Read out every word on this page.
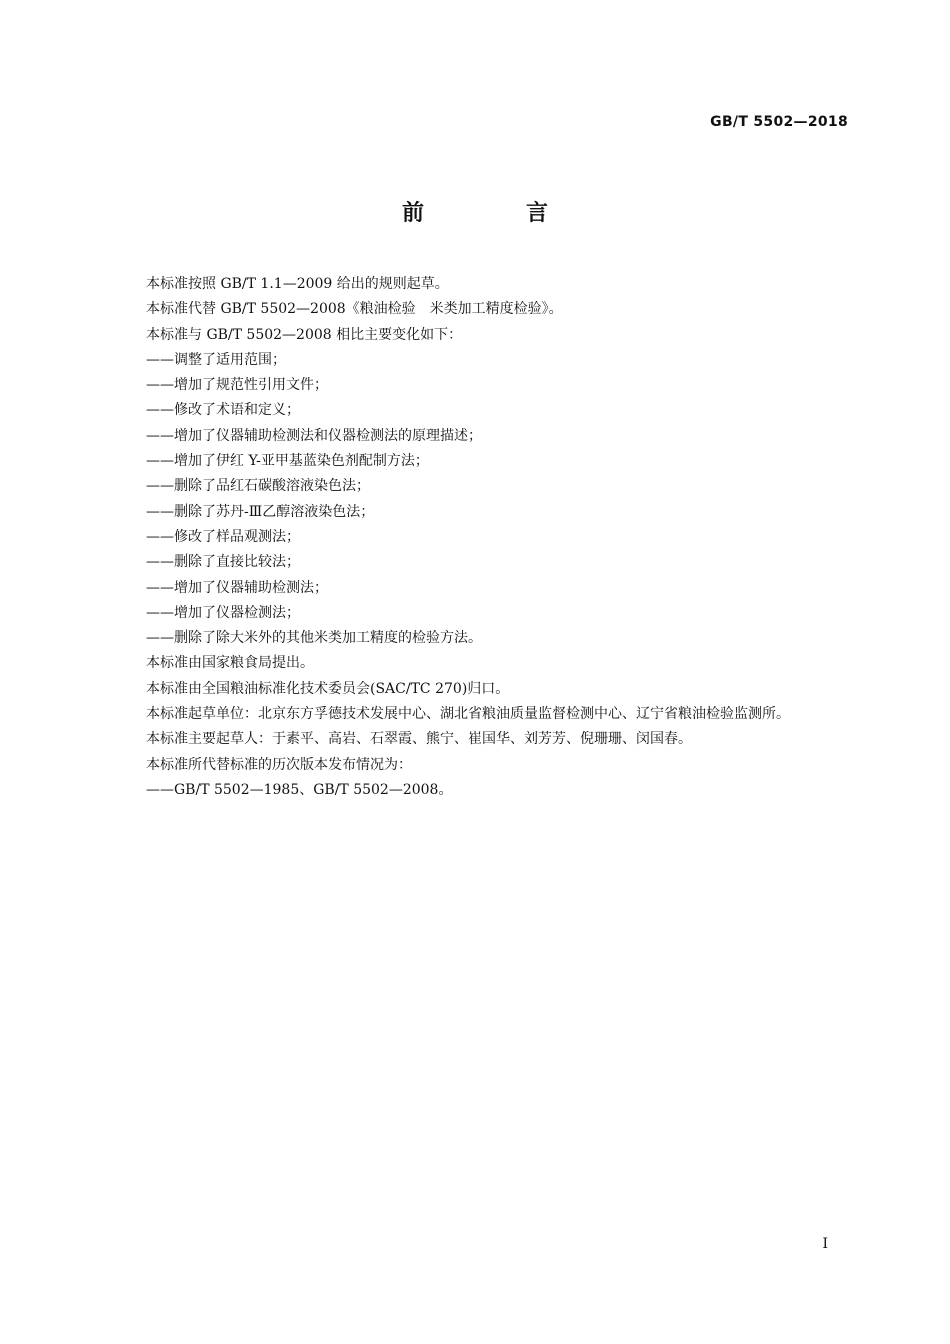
GB/T 5502—2018
前　言

本标准按照 GB/T 1.1—2009 给出的规则起草。

本标准代替 GB/T 5502—2008《粮油检验　米类加工精度检验》。

本标准与 GB/T 5502—2008 相比主要变化如下：

——调整了适用范围；

——增加了规范性引用文件；

——修改了术语和定义；

——增加了仪器辅助检测法和仪器检测法的原理描述；

——增加了伊红 Y-亚甲基蓝染色剂配制方法；

——删除了品红石碳酸溶液染色法；

——删除了苏丹-Ⅲ乙醇溶液染色法；

——修改了样品观测法；

——删除了直接比较法；

——增加了仪器辅助检测法；

——增加了仪器检测法；

——删除了除大米外的其他米类加工精度的检验方法。

本标准由国家粮食局提出。

本标准由全国粮油标准化技术委员会(SAC/TC 270)归口。

本标准起草单位：北京东方孚德技术发展中心、湖北省粮油质量监督检测中心、辽宁省粮油检验监测所。

本标准主要起草人：于素平、高岩、石翠霞、熊宁、崔国华、刘芳芳、倪珊珊、闵国春。

本标准所代替标准的历次版本发布情况为：

——GB/T 5502—1985、GB/T 5502—2008。

I
